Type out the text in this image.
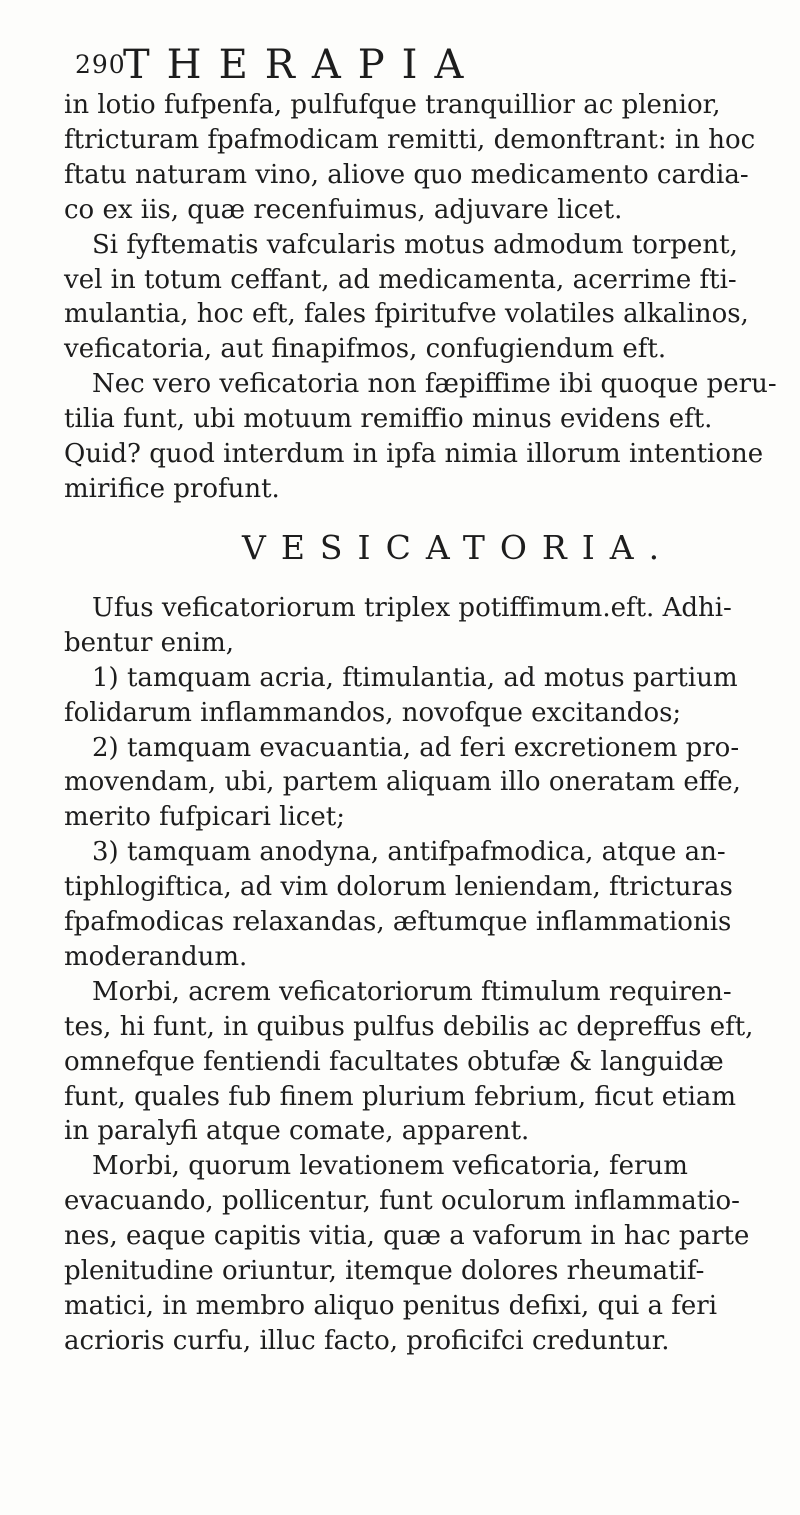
290
THERAPIA
in lotio fufpenfa, pulfufque tranquillior ac plenior,
ftricturam fpafmodicam remitti, demonftrant: in hoc
ftatu naturam vino, aliove quo medicamento cardia-
co ex iis, quæ recenfuimus, adjuvare licet.
Si fyftematis vafcularis motus admodum torpent,
vel in totum ceffant, ad medicamenta, acerrime fti-
mulantia, hoc eft, fales fpiritufve volatiles alkalinos,
veficatoria, aut finapifmos, confugiendum eft.
Nec vero veficatoria non fæpiffime ibi quoque peru-
tilia funt, ubi motuum remiffio minus evidens eft.
Quid? quod interdum in ipfa nimia illorum intentione
mirifice profunt.
VESICATORIA.
Ufus veficatoriorum triplex potiffimum.eft. Adhi-
bentur enim,
1) tamquam acria, ftimulantia, ad motus partium
folidarum inflammandos, novofque excitandos;
2) tamquam evacuantia, ad feri excretionem pro-
movendam, ubi, partem aliquam illo oneratam effe,
merito fufpicari licet;
3) tamquam anodyna, antifpafmodica, atque an-
tiphlogiftica, ad vim dolorum leniendam, ftricturas
fpafmodicas relaxandas, æftumque inflammationis
moderandum.
Morbi, acrem veficatoriorum ftimulum requiren-
tes, hi funt, in quibus pulfus debilis ac depreffus eft,
omnefque fentiendi facultates obtufæ & languidæ
funt, quales fub finem plurium febrium, ficut etiam
in paralyfi atque comate, apparent.
Morbi, quorum levationem veficatoria, ferum
evacuando, pollicentur, funt oculorum inflammatio-
nes, eaque capitis vitia, quæ a vaforum in hac parte
plenitudine oriuntur, itemque dolores rheumatif-
matici, in membro aliquo penitus defixi, qui a feri
acrioris curfu, illuc facto, proficifci creduntur.
